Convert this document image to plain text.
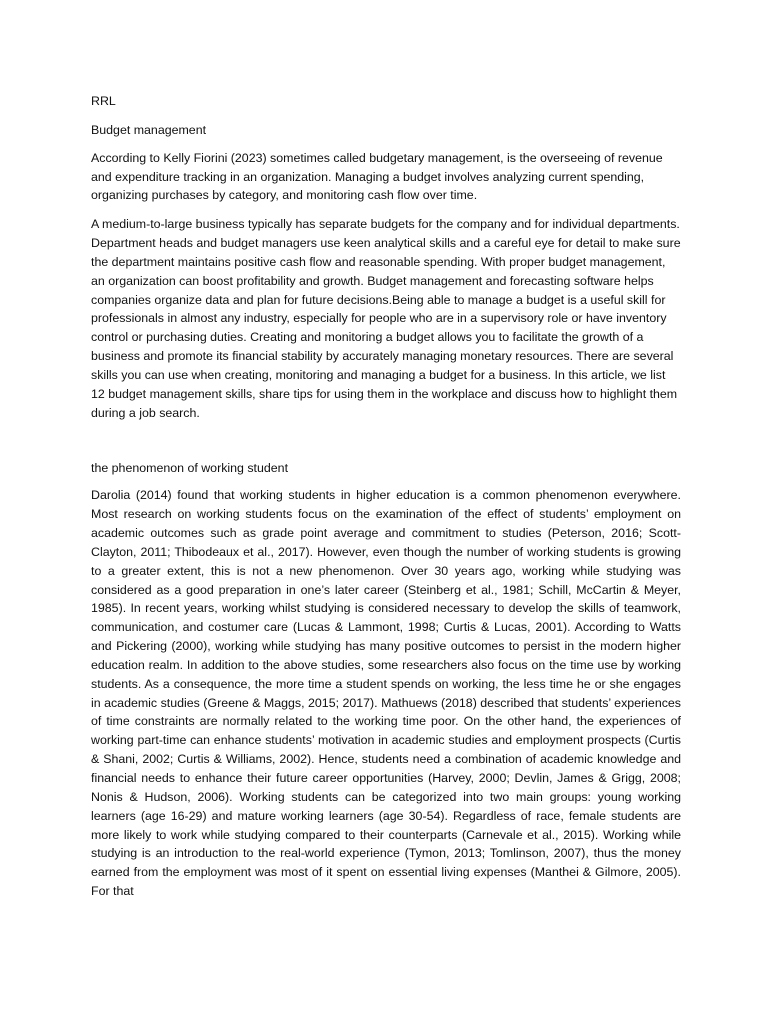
RRL

Budget management

According to Kelly Fiorini (2023) sometimes called budgetary management, is the overseeing of revenue and expenditure tracking in an organization. Managing a budget involves analyzing current spending, organizing purchases by category, and monitoring cash flow over time.

A medium-to-large business typically has separate budgets for the company and for individual departments. Department heads and budget managers use keen analytical skills and a careful eye for detail to make sure the department maintains positive cash flow and reasonable spending. With proper budget management, an organization can boost profitability and growth. Budget management and forecasting software helps companies organize data and plan for future decisions.Being able to manage a budget is a useful skill for professionals in almost any industry, especially for people who are in a supervisory role or have inventory control or purchasing duties. Creating and monitoring a budget allows you to facilitate the growth of a business and promote its financial stability by accurately managing monetary resources. There are several skills you can use when creating, monitoring and managing a budget for a business. In this article, we list 12 budget management skills, share tips for using them in the workplace and discuss how to highlight them during a job search.

the phenomenon of working student

Darolia (2014) found that working students in higher education is a common phenomenon everywhere. Most research on working students focus on the examination of the effect of students’ employment on academic outcomes such as grade point average and commitment to studies (Peterson, 2016; Scott-Clayton, 2011; Thibodeaux et al., 2017). However, even though the number of working students is growing to a greater extent, this is not a new phenomenon. Over 30 years ago, working while studying was considered as a good preparation in one’s later career (Steinberg et al., 1981; Schill, McCartin & Meyer, 1985). In recent years, working whilst studying is considered necessary to develop the skills of teamwork, communication, and costumer care (Lucas & Lammont, 1998; Curtis & Lucas, 2001). According to Watts and Pickering (2000), working while studying has many positive outcomes to persist in the modern higher education realm. In addition to the above studies, some researchers also focus on the time use by working students. As a consequence, the more time a student spends on working, the less time he or she engages in academic studies (Greene & Maggs, 2015; 2017). Mathuews (2018) described that students’ experiences of time constraints are normally related to the working time poor. On the other hand, the experiences of working part-time can enhance students’ motivation in academic studies and employment prospects (Curtis & Shani, 2002; Curtis & Williams, 2002). Hence, students need a combination of academic knowledge and financial needs to enhance their future career opportunities (Harvey, 2000; Devlin, James & Grigg, 2008; Nonis & Hudson, 2006). Working students can be categorized into two main groups: young working learners (age 16-29) and mature working learners (age 30-54). Regardless of race, female students are more likely to work while studying compared to their counterparts (Carnevale et al., 2015). Working while studying is an introduction to the real-world experience (Tymon, 2013; Tomlinson, 2007), thus the money earned from the employment was most of it spent on essential living expenses (Manthei & Gilmore, 2005). For that
